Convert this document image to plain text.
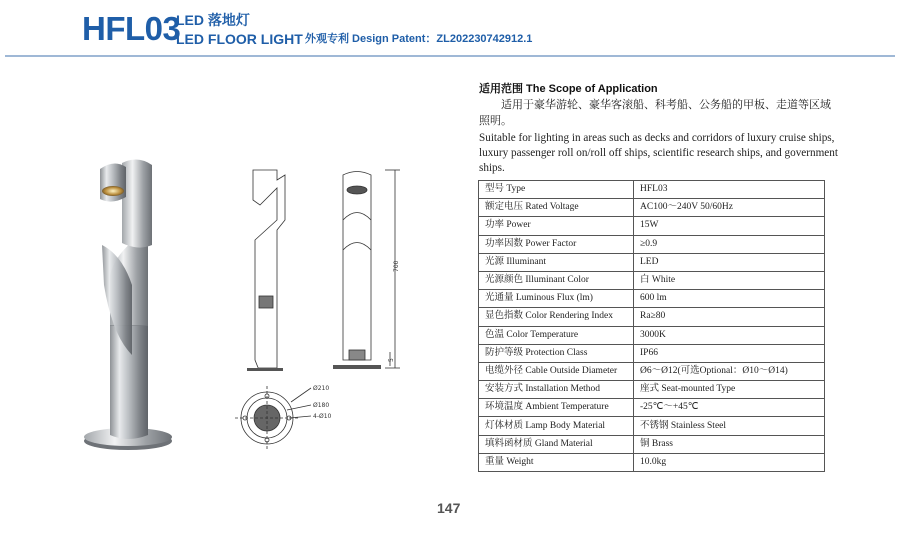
HFL03
LED 落地灯
LED FLOOR LIGHT 外观专利 Design Patent：ZL202230742912.1
700
5
Ø210
Ø180
4-Ø10
适用范围 The Scope of Application

适用于豪华游轮、豪华客滚船、科考船、公务船的甲板、走道等区域照明。

Suitable for lighting in areas such as decks and corridors of luxury cruise ships, luxury passenger roll on/roll off ships, scientific research ships, and government ships.

型号 Type	HFL03
额定电压 Rated Voltage	AC100～240V 50/60Hz
功率 Power	15W
功率因数 Power Factor	≥0.9
光源 Illuminant	LED
光源颜色 Illuminant Color	白 White
光通量 Luminous Flux (lm)	600 lm
显色指数 Color Rendering Index	Ra≥80
色温 Color Temperature	3000K
防护等级 Protection Class	IP66
电缆外径 Cable Outside Diameter	Ø6～Ø12(可选Optional：Ø10～Ø14)
安装方式 Installation Method	座式 Seat-mounted Type
环境温度 Ambient Temperature	-25℃～+45℃
灯体材质 Lamp Body Material	不锈钢 Stainless Steel
填料函材质 Gland Material	铜 Brass
重量 Weight	10.0kg
147
